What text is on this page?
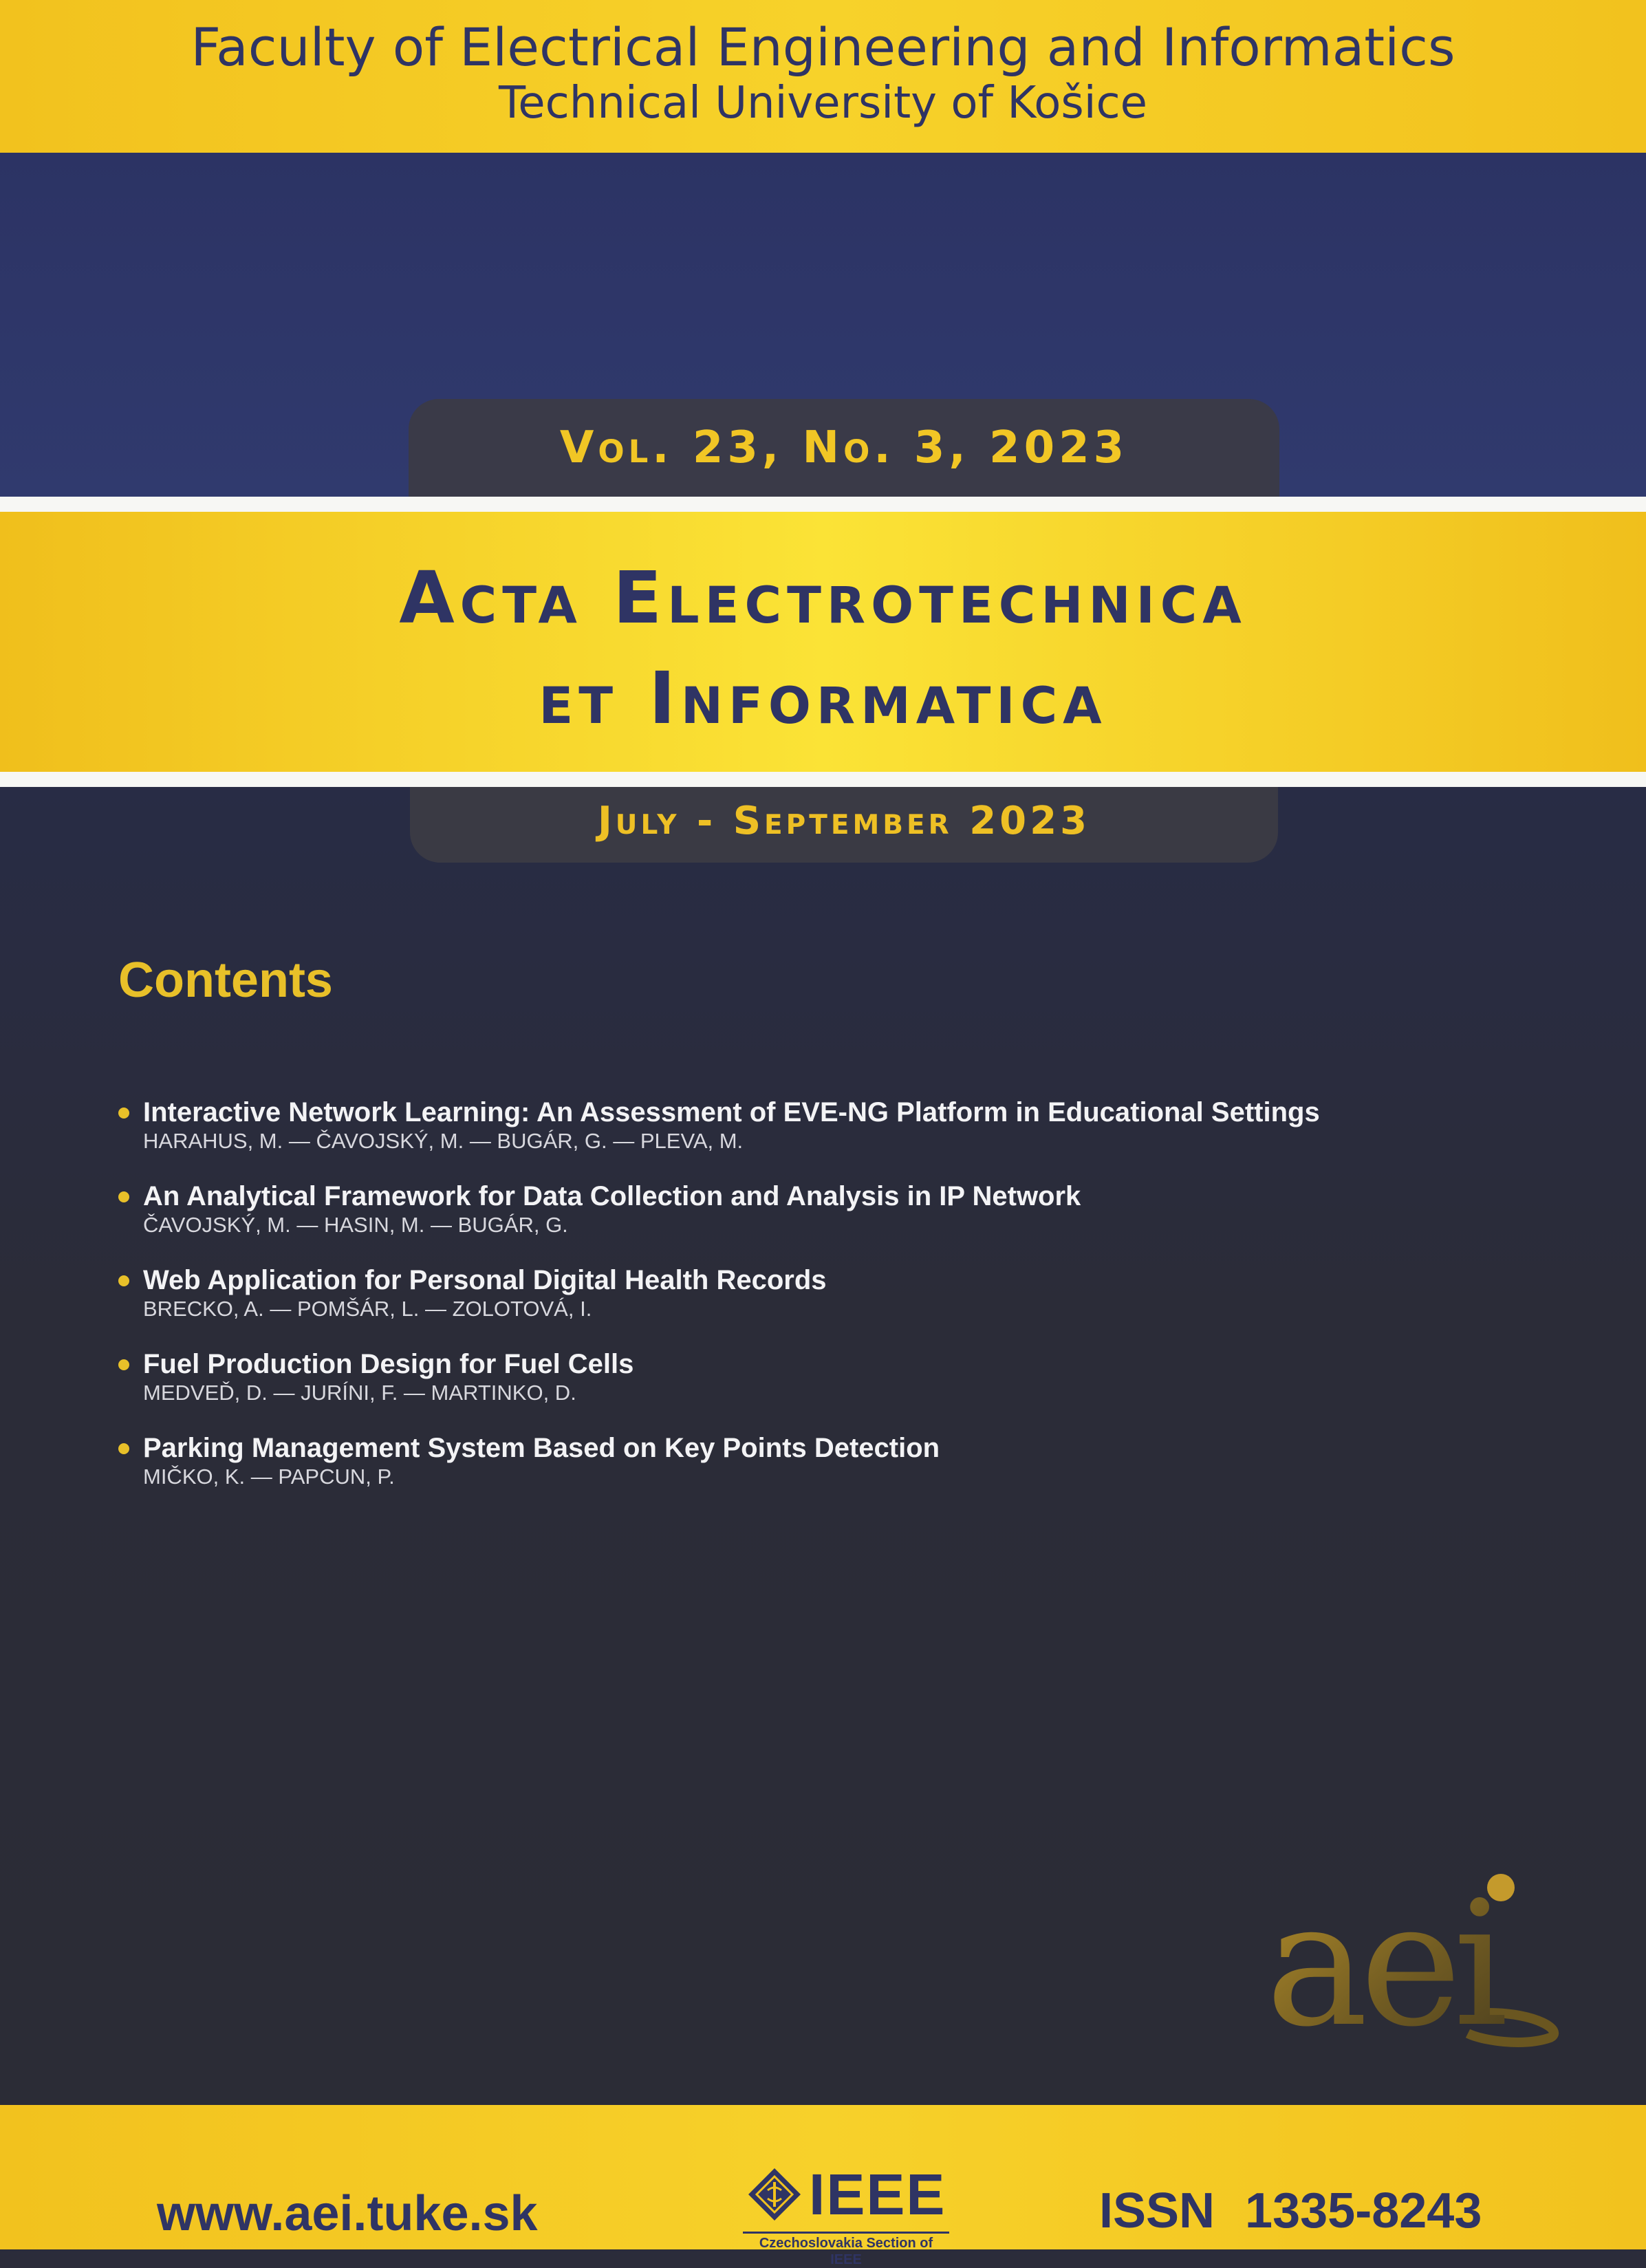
Faculty of Electrical Engineering and Informatics
Technical University of Košice
Vol. 23, No. 3, 2023
Acta Electrotechnica
et Informatica
July - September 2023
Contents
Interactive Network Learning: An Assessment of EVE-NG Platform in Educational Settings
HARAHUS, M. — ČAVOJSKÝ, M. — BUGÁR, G. — PLEVA, M.
An Analytical Framework for Data Collection and Analysis in IP Network
ČAVOJSKÝ, M. — HASIN, M. — BUGÁR, G.
Web Application for Personal Digital Health Records
BRECKO, A. — POMŠÁR, L. — ZOLOTOVÁ, I.
Fuel Production Design for Fuel Cells
MEDVEĎ, D. — JURÍNI, F. — MARTINKO, D.
Parking Management System Based on Key Points Detection
MIČKO, K. — PAPCUN, P.
aei
www.aei.tuke.sk	IEEE
Czechoslovakia Section of IEEE
ISSN 1335-8243
